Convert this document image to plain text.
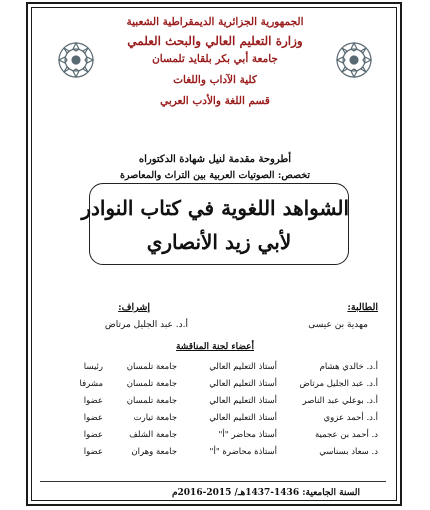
الجمهورية الجزائرية الديمقراطية الشعبية
وزارة التعليم العالي والبحث العلمي
جامعة أبي بكر بلقايد تلمسان
كلية الآداب واللغات
قسم اللغة والأدب العربي
أطروحة مقدمة لنيل شهادة الدكتوراه
تخصص: الصوتيات العربية بين التراث والمعاصرة
الشواهد اللغوية في كتاب النوادر
لأبي زيد الأنصاري
الطالبة:
مهدية بن عيسى
إشراف:
أ.د. عبد الجليل مرتاض
أعضاء لجنة المناقشة
أ.د. خالدي هشام
أستاذ التعليم العالي
جامعة تلمسان
رئيسا
أ.د. عبد الجليل مرتاض
أستاذ التعليم العالي
جامعة تلمسان
مشرفا
أ.د. بوعلي عبد الناصر
أستاذ التعليم العالي
جامعة تلمسان
عضوا
أ.د. أحمد عزوي
أستاذ التعليم العالي
جامعة تيارت
عضوا
د. أحمد بن عجمية
أستاذ محاضر "أ"
جامعة الشلف
عضوا
د. سعاد بسناسي
أستاذة محاضرة "أ"
جامعة وهران
عضوا
السنة الجامعية: 1436-1437هـ/ 2015-2016م
